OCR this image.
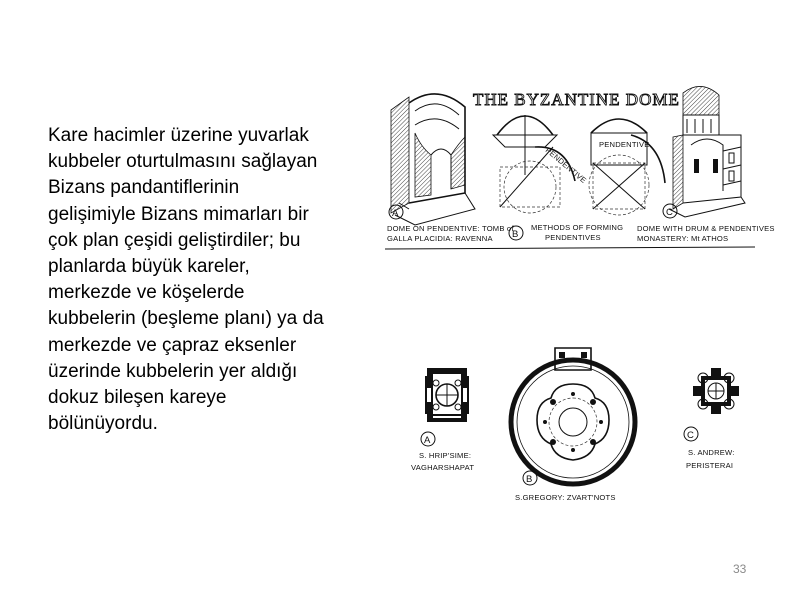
Kare hacimler üzerine yuvarlak
kubbeler oturtulmasını sağlayan
Bizans pandantiflerinin
gelişimiyle Bizans mimarları bir
çok plan çeşidi geliştirdiler; bu
planlarda büyük kareler,
merkezde ve köşelerde
kubbelerin (beşleme planı) ya da
merkezde ve çapraz eksenler
üzerinde kubbelerin yer aldığı
dokuz bileşen kareye
bölünüyordu.
THE BYZANTINE DOME
A
DOME ON PENDENTIVE: TOMB of
GALLA PLACIDIA: RAVENNA
PENDENTIVE
PENDENTIVE
B
METHODS OF FORMING
PENDENTIVES
C
DOME WITH DRUM & PENDENTIVES
MONASTERY: Mt ATHOS
A
S. HRIP'SIME:
VAGHARSHAPAT
B
S.GREGORY: ZVART'NOTS
C
S. ANDREW:
PERISTERAI
33
